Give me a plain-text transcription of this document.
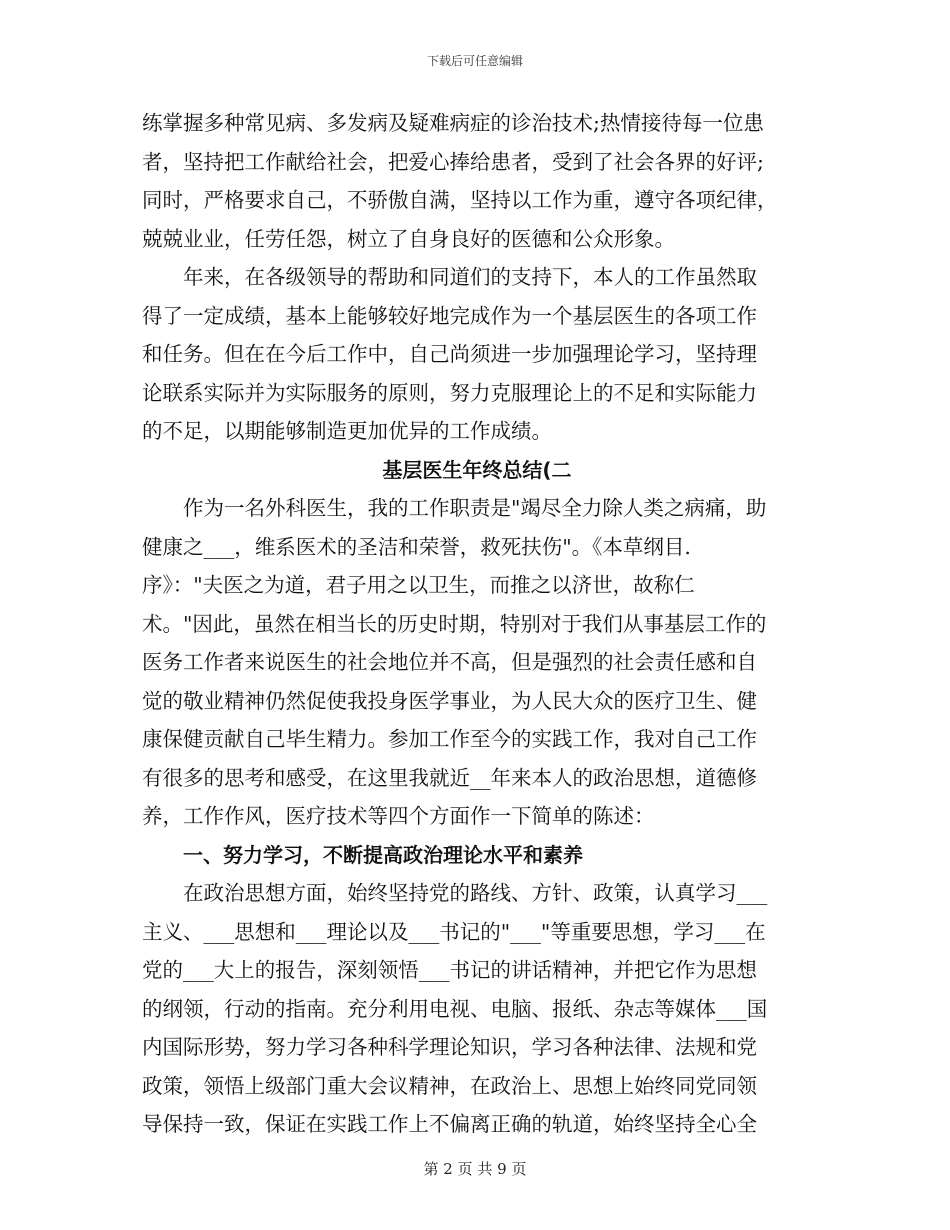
下载后可任意编辑
练掌握多种常见病、多发病及疑难病症的诊治技术;热情接待每一位患
者，坚持把工作献给社会，把爱心捧给患者，受到了社会各界的好评;
同时，严格要求自己，不骄傲自满，坚持以工作为重，遵守各项纪律，
兢兢业业，任劳任怨，树立了自身良好的医德和公众形象。
年来，在各级领导的帮助和同道们的支持下，本人的工作虽然取
得了一定成绩，基本上能够较好地完成作为一个基层医生的各项工作
和任务。但在在今后工作中，自己尚须进一步加强理论学习，坚持理
论联系实际并为实际服务的原则，努力克服理论上的不足和实际能力
的不足，以期能够制造更加优异的工作成绩。
基层医生年终总结(二
作为一名外科医生，我的工作职责是"竭尽全力除人类之病痛，助
健康之___，维系医术的圣洁和荣誉，救死扶伤"。《本草纲目.
序》："夫医之为道，君子用之以卫生，而推之以济世，故称仁
术。"因此，虽然在相当长的历史时期，特别对于我们从事基层工作的
医务工作者来说医生的社会地位并不高，但是强烈的社会责任感和自
觉的敬业精神仍然促使我投身医学事业，为人民大众的医疗卫生、健
康保健贡献自己毕生精力。参加工作至今的实践工作，我对自己工作
有很多的思考和感受，在这里我就近__年来本人的政治思想，道德修
养，工作作风，医疗技术等四个方面作一下简单的陈述：
一、努力学习，不断提高政治理论水平和素养
在政治思想方面，始终坚持党的路线、方针、政策，认真学习___
主义、___思想和___理论以及___书记的"___"等重要思想，学习___在
党的___大上的报告，深刻领悟___书记的讲话精神，并把它作为思想
的纲领，行动的指南。充分利用电视、电脑、报纸、杂志等媒体___国
内国际形势，努力学习各种科学理论知识，学习各种法律、法规和党
政策，领悟上级部门重大会议精神，在政治上、思想上始终同党同领
导保持一致，保证在实践工作上不偏离正确的轨道，始终坚持全心全
第 2 页 共 9 页
